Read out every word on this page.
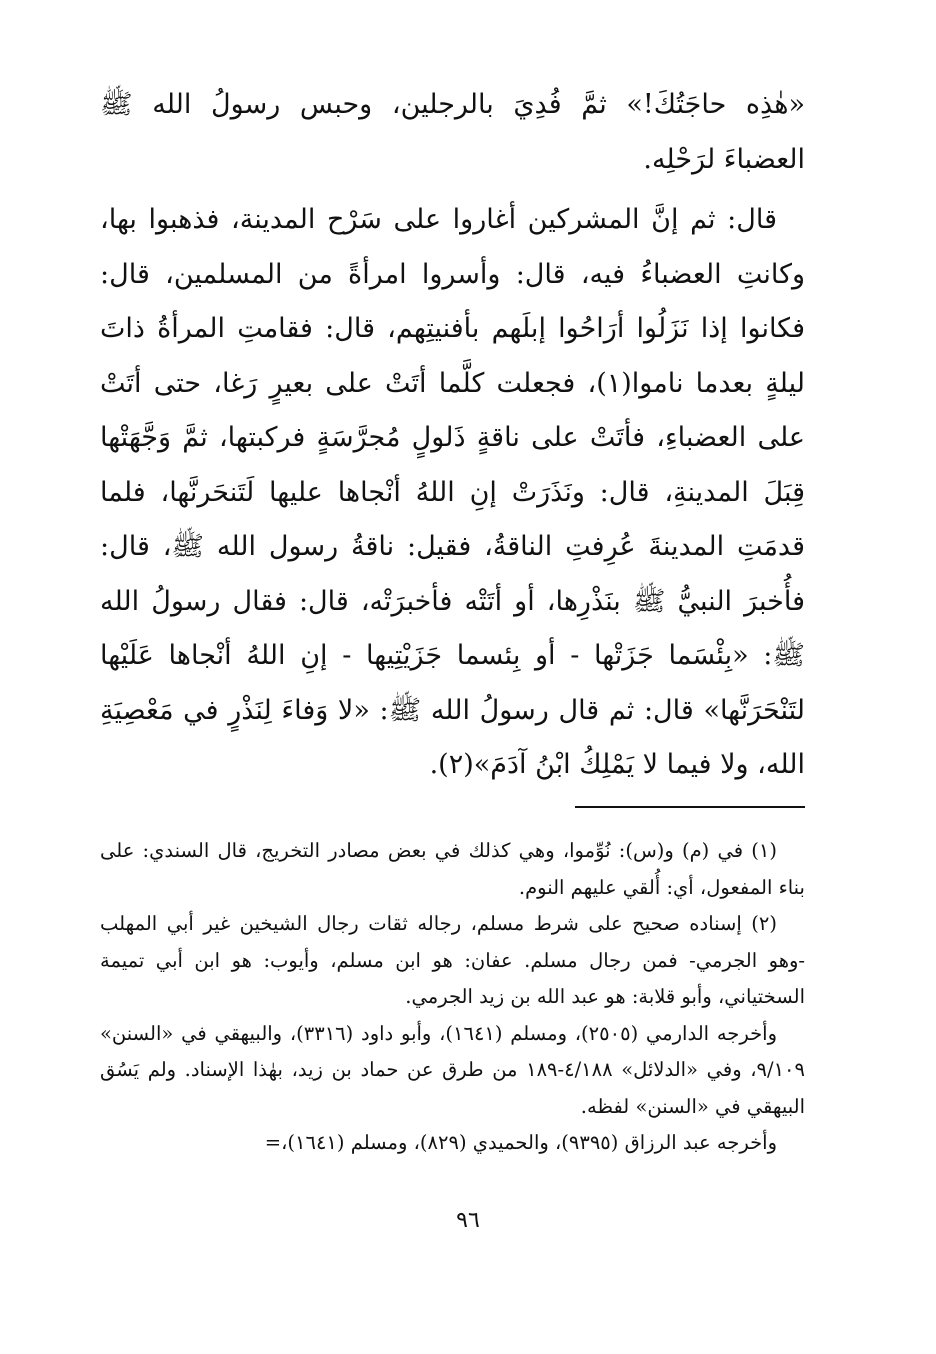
«هٰذِه حاجَتُكَ!» ثمَّ فُدِيَ بالرجلين، وحبس رسولُ الله ﷺ العضباءَ لرَحْلِه.

قال: ثم إنَّ المشركين أغاروا على سَرْح المدينة، فذهبوا بها، وكانتِ العضباءُ فيه، قال: وأسروا امرأةً من المسلمين، قال: فكانوا إذا نَزَلُوا أرَاحُوا إبلَهم بأفنيتِهم، قال: فقامتِ المرأةُ ذاتَ ليلةٍ بعدما ناموا(١)، فجعلت كلَّما أتَتْ على بعيرٍ رَغا، حتى أتَتْ على العضباءِ، فأتَتْ على ناقةٍ ذَلولٍ مُجرَّسَةٍ فركبتها، ثمَّ وَجَّهَتْها قِبَلَ المدينةِ، قال: ونَذَرَتْ إنِ اللهُ أنْجاها عليها لَتَنحَرنَّها، فلما قدمَتِ المدينةَ عُرِفتِ الناقةُ، فقيل: ناقةُ رسول الله ﷺ، قال: فأُخبرَ النبيُّ ﷺ بنَذْرِها، أو أتَتْه فأخبرَتْه، قال: فقال رسولُ الله ﷺ: «بِئْسَما جَزَتْها - أو بِئسما جَزَيْتِيها - إنِ اللهُ أنْجاها عَلَيْها لتَنْحَرَنَّها» قال: ثم قال رسولُ الله ﷺ: «لا وَفاءَ لِنَذْرٍ في مَعْصِيَةِ الله، ولا فيما لا يَمْلِكُ ابْنُ آدَمَ»(٢).

(١) في (م) و(س): نُوِّموا، وهي كذلك في بعض مصادر التخريج، قال السندي: على بناء المفعول، أي: أُلقي عليهم النوم.

(٢) إسناده صحيح على شرط مسلم، رجاله ثقات رجال الشيخين غير أبي المهلب -وهو الجرمي- فمن رجال مسلم. عفان: هو ابن مسلم، وأيوب: هو ابن أبي تميمة السختياني، وأبو قلابة: هو عبد الله بن زيد الجرمي.

وأخرجه الدارمي (٢٥٠٥)، ومسلم (١٦٤١)، وأبو داود (٣٣١٦)، والبيهقي في «السنن» ٩/١٠٩، وفي «الدلائل» ٤/١٨٨-١٨٩ من طرق عن حماد بن زيد، بهٰذا الإسناد. ولم يَسُق البيهقي في «السنن» لفظه.

وأخرجه عبد الرزاق (٩٣٩٥)، والحميدي (٨٢٩)، ومسلم (١٦٤١)،=

٩٦
